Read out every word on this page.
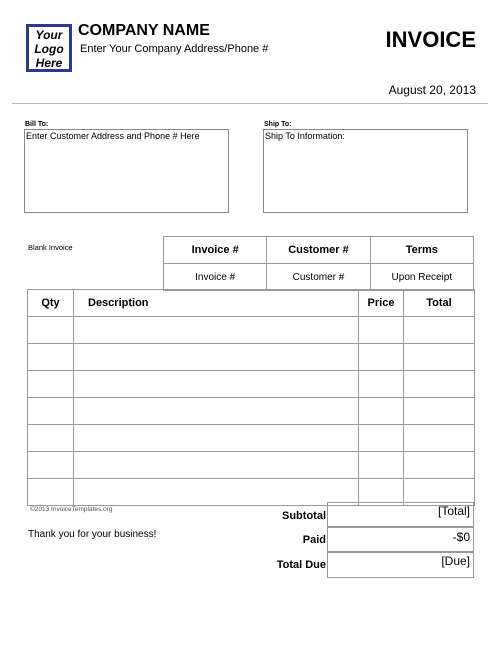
Your
Logo
Here
COMPANY NAME
Enter Your Company Address/Phone #	INVOICE
August 20, 2013
Bill To:
Enter Customer Address and Phone # Here
Ship To:
Ship To Information:
Blank Invoice	Invoice #	Customer #	Terms
Invoice #	Customer #	Upon Receipt
Qty	Description	Price	Total

©2013 InvoiceTemplates.org
Thank you for your business!
Subtotal	[Total]
Paid	-$0
Total Due	[Due]
